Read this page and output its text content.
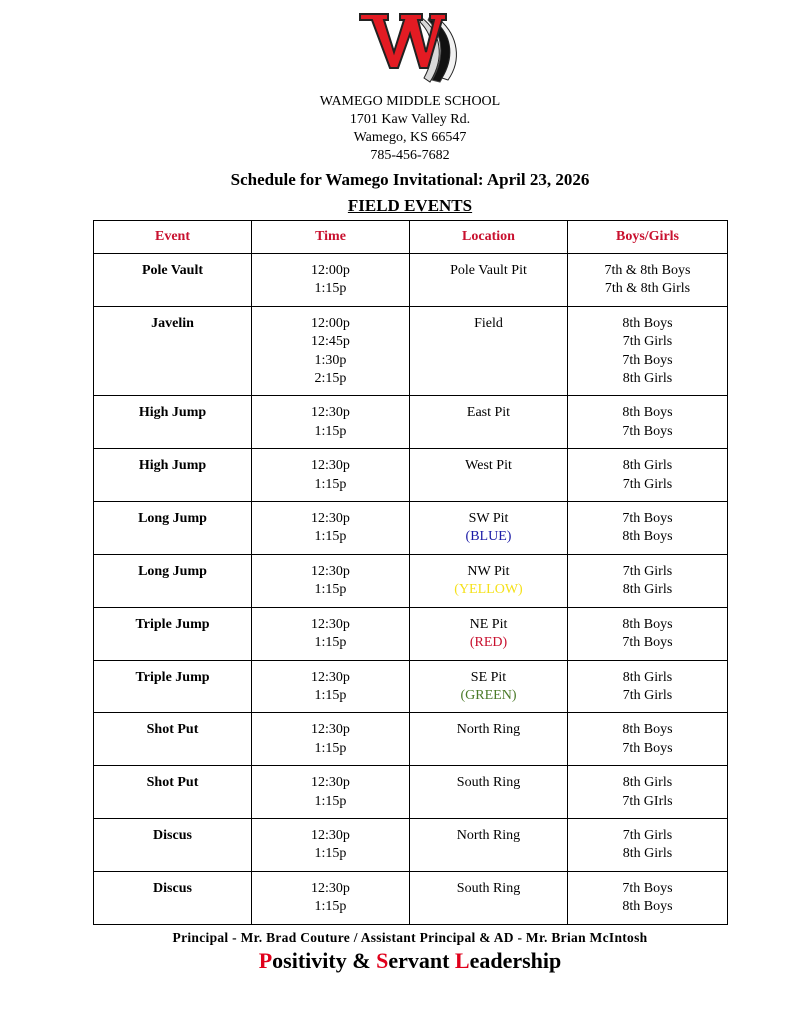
WAMEGO MIDDLE SCHOOL
1701 Kaw Valley Rd.
Wamego, KS 66547
785-456-7682
Schedule for Wamego Invitational: April 23, 2026
FIELD EVENTS
Event	Time	Location	Boys/Girls
Pole Vault	12:00p
1:15p	Pole Vault Pit	7th & 8th Boys
7th & 8th Girls

Javelin	12:00p
12:45p
1:30p
2:15p	Field	8th Boys
7th Girls
7th Boys
8th Girls

High Jump	12:30p
1:15p	East Pit	8th Boys
7th Boys

High Jump	12:30p
1:15p	West Pit	8th Girls
7th Girls

Long Jump	12:30p
1:15p	SW Pit
(BLUE)	7th Boys
8th Boys

Long Jump	12:30p
1:15p	NW Pit
(YELLOW)	7th Girls
8th Girls

Triple Jump	12:30p
1:15p	NE Pit
(RED)	8th Boys
7th Boys

Triple Jump	12:30p
1:15p	SE Pit
(GREEN)	8th Girls
7th Girls

Shot Put	12:30p
1:15p	North Ring	8th Boys
7th Boys

Shot Put	12:30p
1:15p	South Ring	8th Girls
7th GIrls

Discus	12:30p
1:15p	North Ring	7th Girls
8th Girls

Discus	12:30p
1:15p	South Ring	7th Boys
8th Boys
Principal - Mr. Brad Couture / Assistant Principal & AD - Mr. Brian McIntosh
Positivity & Servant Leadership
